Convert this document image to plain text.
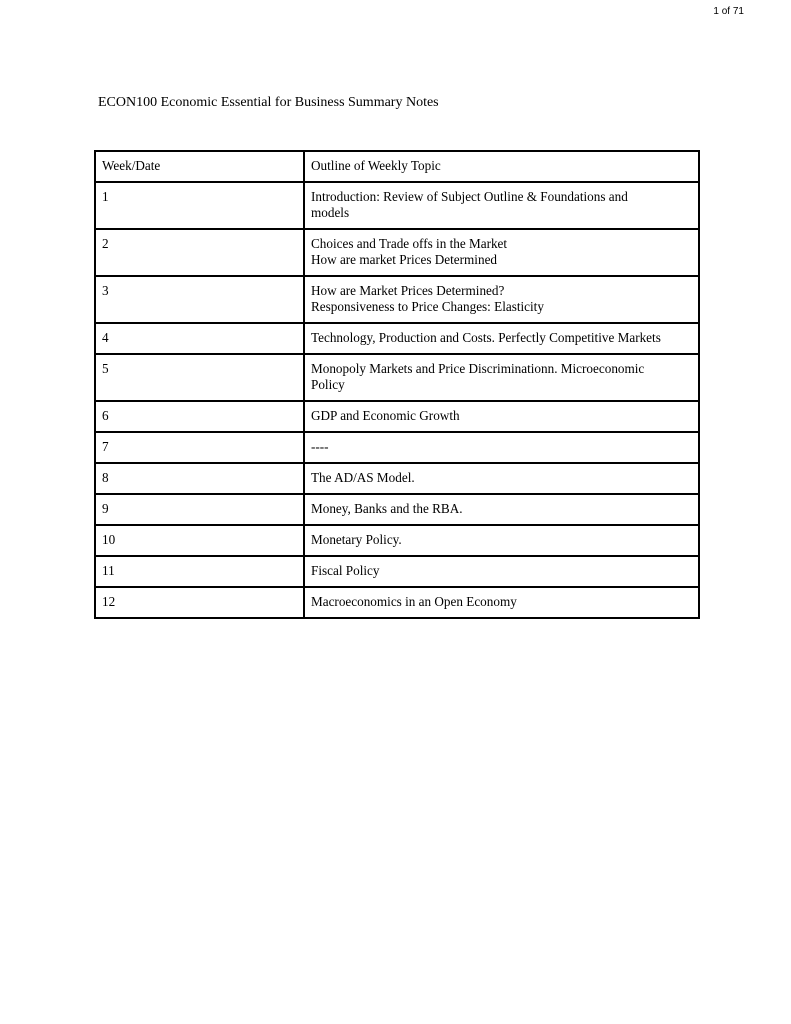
1 of 71
ECON100 Economic Essential for Business Summary Notes
Week/Date	Outline of Weekly Topic
1	Introduction: Review of Subject Outline & Foundations and
models
2	Choices and Trade offs in the Market
How are market Prices Determined
3	How are Market Prices Determined?
Responsiveness to Price Changes: Elasticity
4	Technology, Production and Costs. Perfectly Competitive Markets
5	Monopoly Markets and Price Discriminationn. Microeconomic
Policy
6	GDP and Economic Growth
7	----
8	The AD/AS Model.
9	Money, Banks and the RBA.
10	Monetary Policy.
11	Fiscal Policy
12	Macroeconomics in an Open Economy
